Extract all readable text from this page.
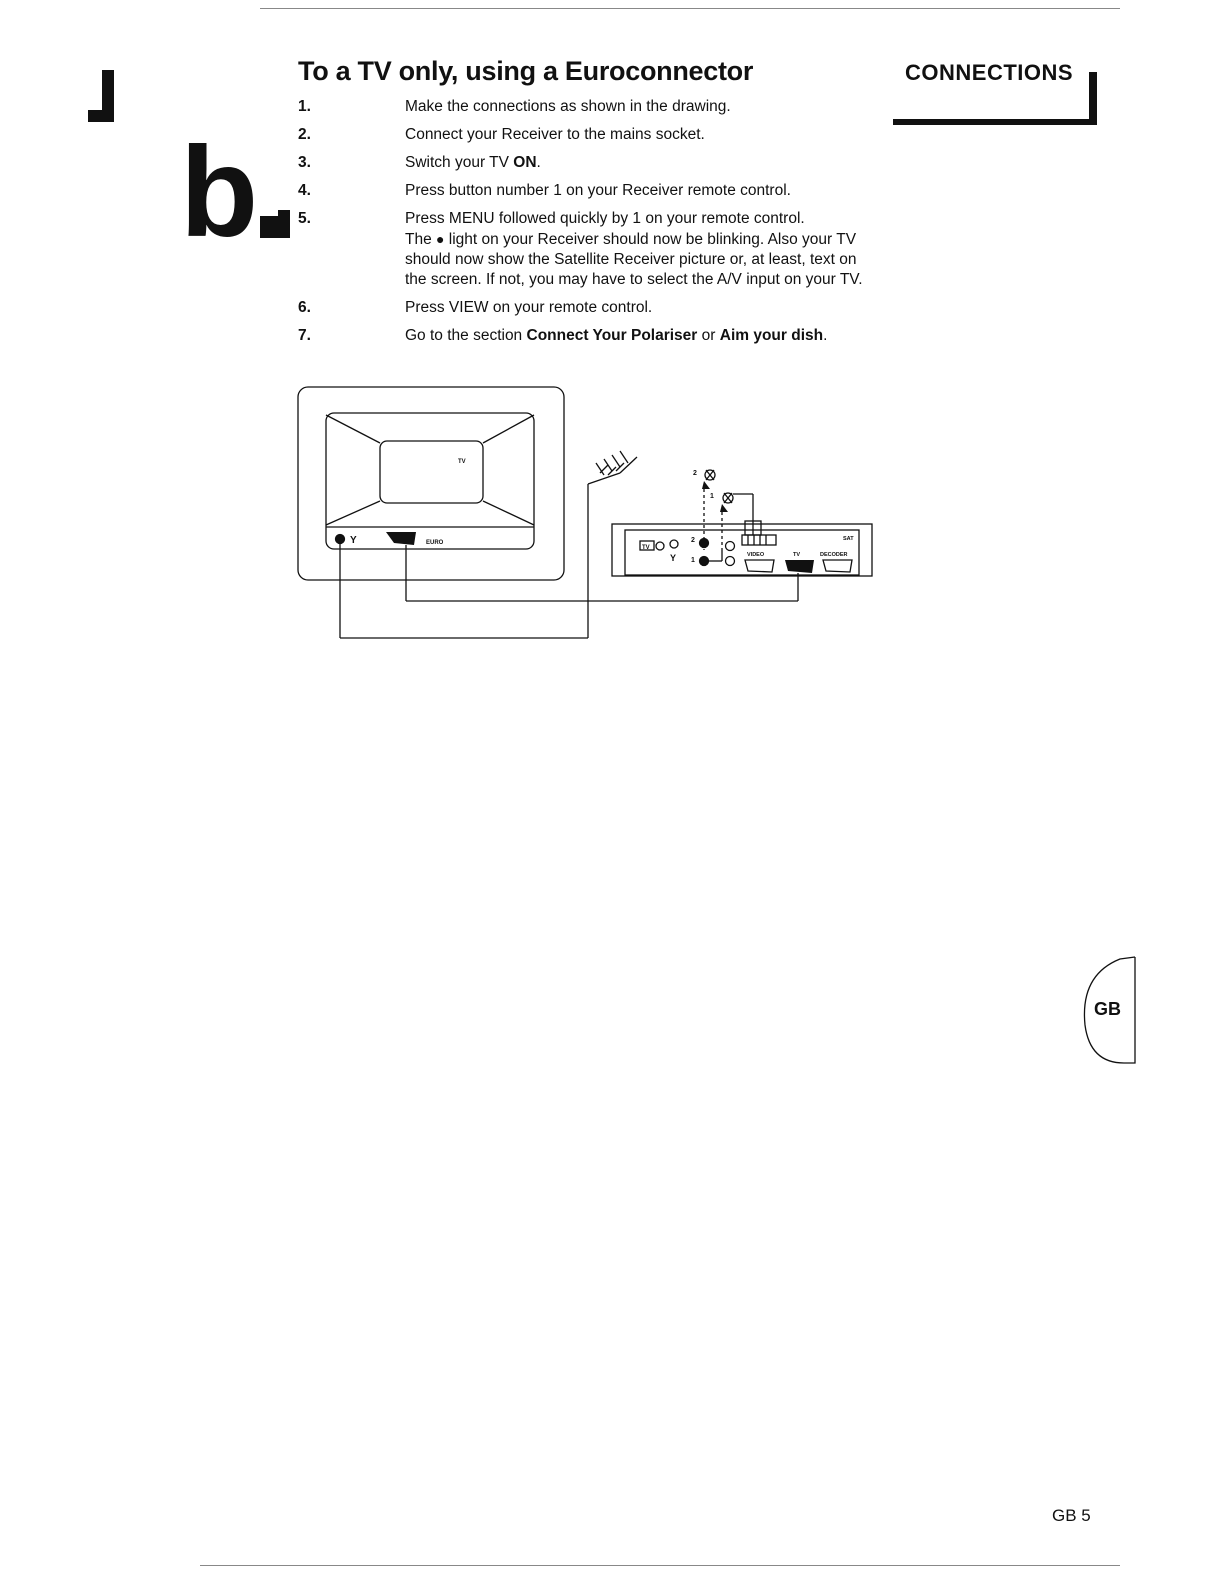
b
To a TV only, using a Euroconnector	CONNECTIONS
1.	Make the connections as shown in the drawing.
2.	Connect your Receiver to the mains socket.
3.	Switch your TV ON.
4.	Press button number 1 on your Receiver remote control.
5.	Press MENU followed quickly by 1 on your remote control.
The ● light on your Receiver should now be blinking. Also your TV should now show the Satellite Receiver picture or, at least, text on the screen. If not, you may have to select the A/V input on your TV.
6.	Press VIEW on your remote control.
7.	Go to the section Connect Your Polariser or Aim your dish.
TV
Y	EURO
2
1
TV
Y
2
1
VIDEO	TV
SAT
DECODER
GB
GB 5
